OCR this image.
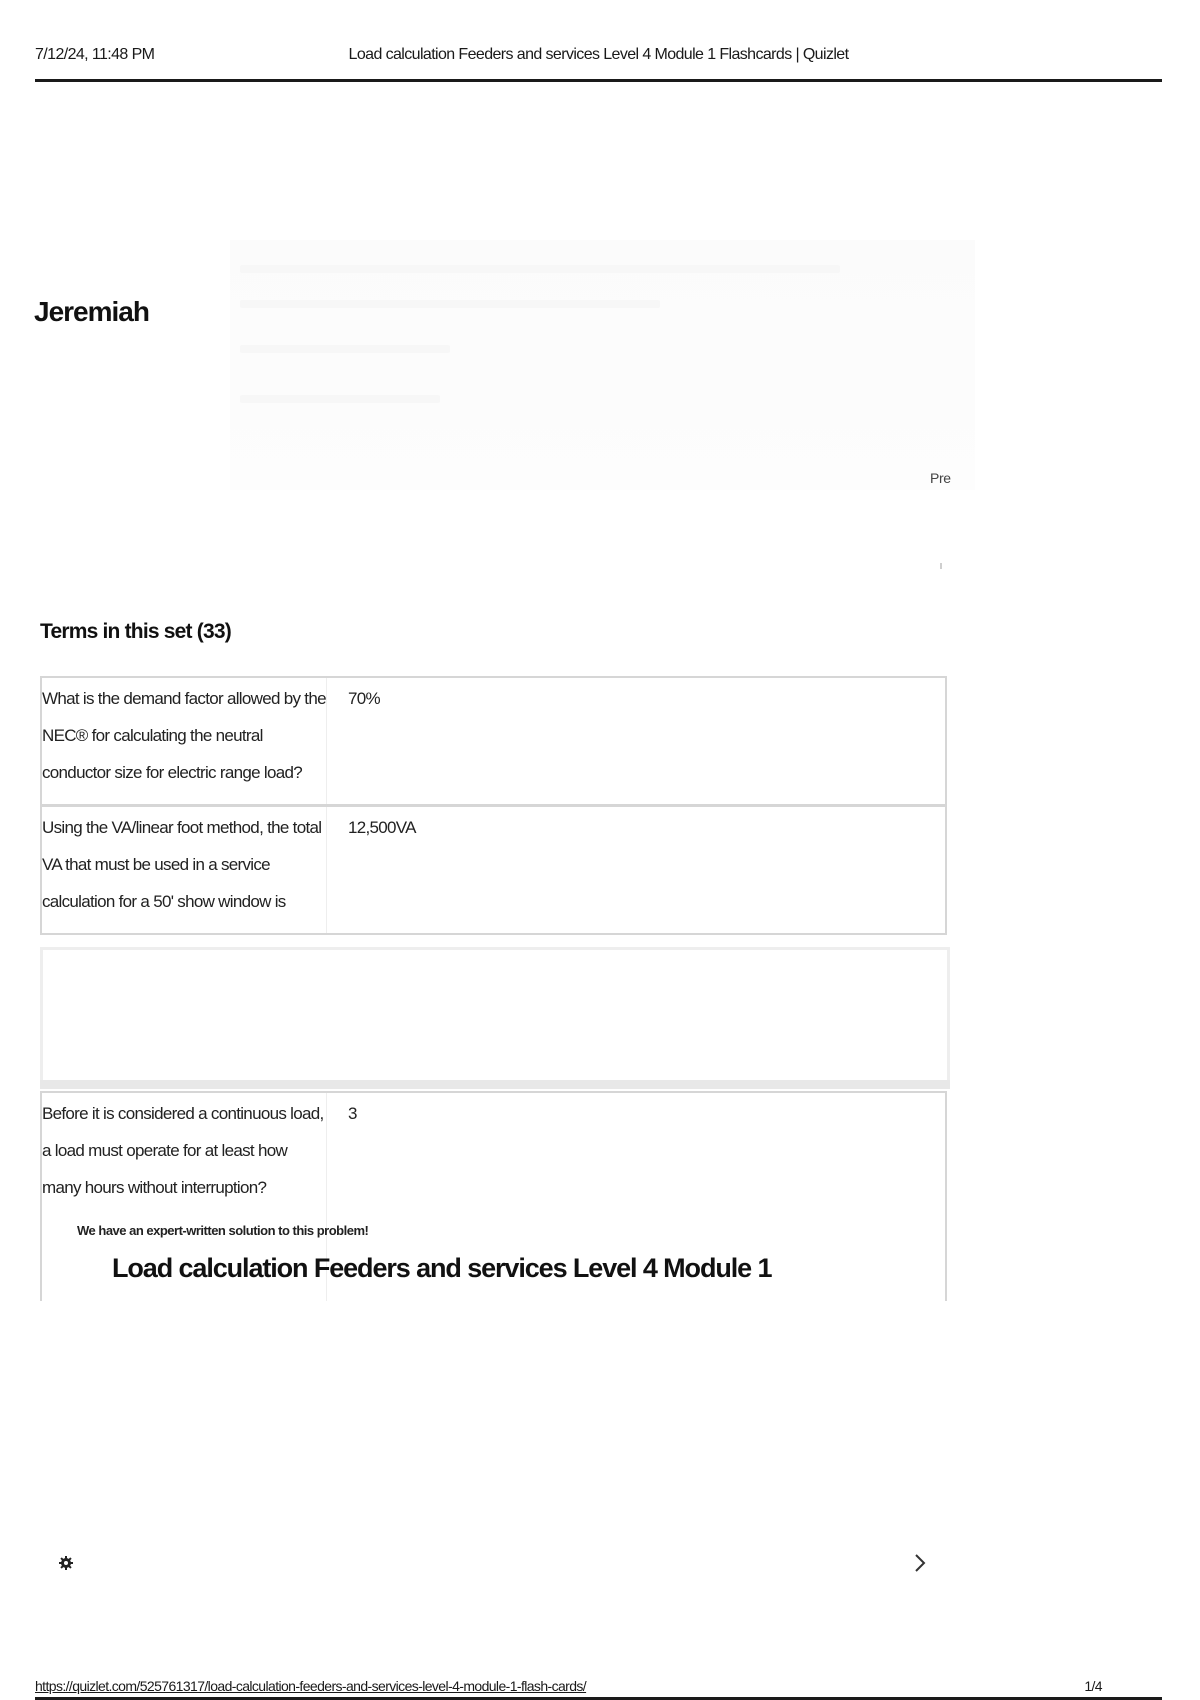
7/12/24, 11:48 PM	Load calculation Feeders and services Level 4 Module 1 Flashcards | Quizlet
Jeremiah
Pre
Terms in this set (33)
What is the demand factor allowed by the NEC® for calculating the neutral conductor size for electric range load?
70%
Using the VA/linear foot method, the total VA that must be used in a service calculation for a 50' show window is
12,500VA
Before it is considered a continuous load, a load must operate for at least how many hours without interruption?
3
We have an expert-written solution to this problem!
Load calculation Feeders and services Level 4 Module 1
https://quizlet.com/525761317/load-calculation-feeders-and-services-level-4-module-1-flash-cards/	1/4
